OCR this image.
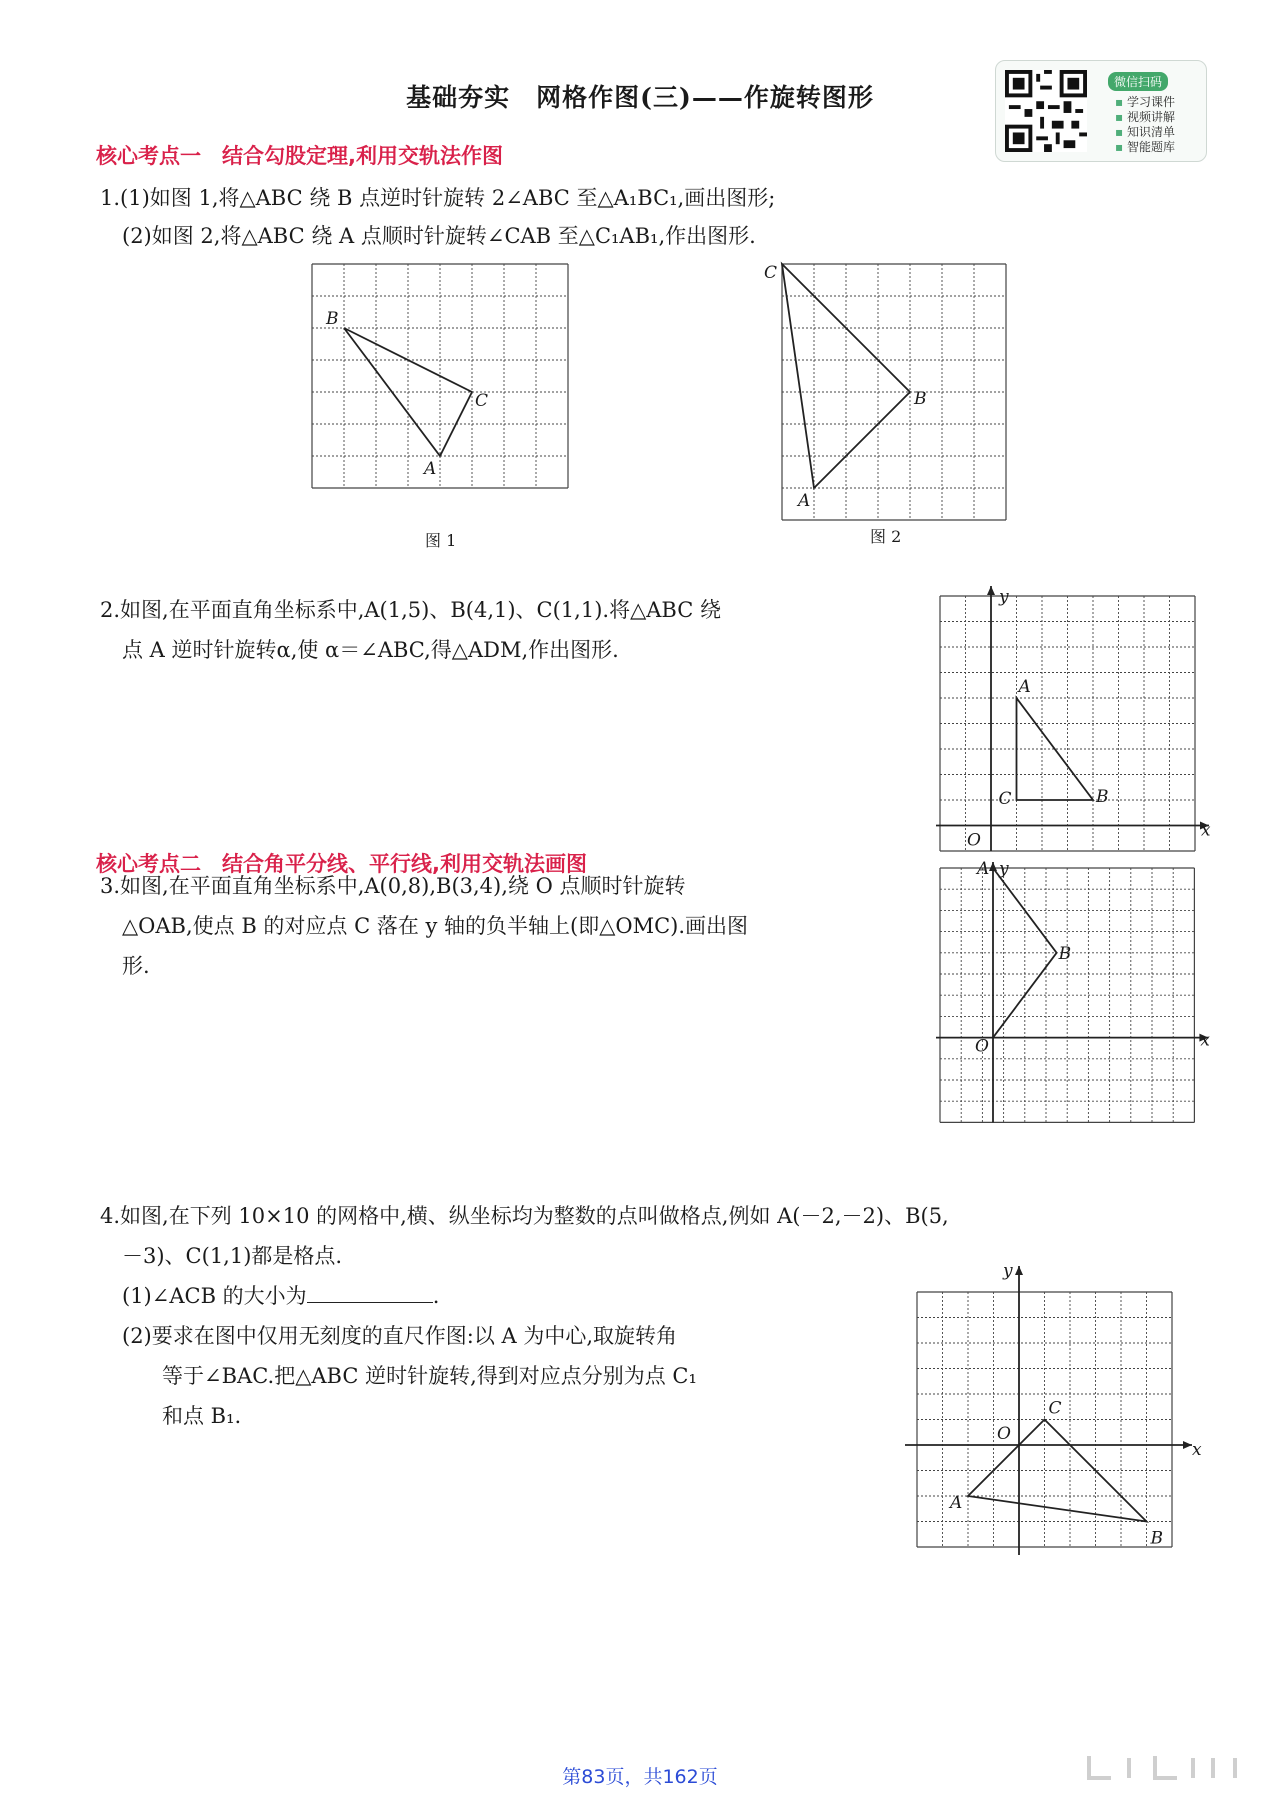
基础夯实　网格作图(三)——作旋转图形
微信扫码
▪ 学习课件
▪ 视频讲解
▪ 知识清单
▪ 智能题库
核心考点一　结合勾股定理,利用交轨法作图
1.(1)如图 1,将△ABC 绕 B 点逆时针旋转 2∠ABC 至△A₁BC₁,画出图形;
(2)如图 2,将△ABC 绕 A 点顺时针旋转∠CAB 至△C₁AB₁,作出图形.
B
C
A
图 1
C
B
A
图 2
2.如图,在平面直角坐标系中,A(1,5)、B(4,1)、C(1,1).将△ABC 绕
点 A 逆时针旋转α,使 α＝∠ABC,得△ADM,作出图形.
A
B
C
O	x
y
核心考点二　结合角平分线、平行线,利用交轨法画图
3.如图,在平面直角坐标系中,A(0,8),B(3,4),绕 O 点顺时针旋转
△OAB,使点 B 的对应点 C 落在 y 轴的负半轴上(即△OMC).画出图
形.
A
B
O	x
y
4.如图,在下列 10×10 的网格中,横、纵坐标均为整数的点叫做格点,例如 A(－2,－2)、B(5,
－3)、C(1,1)都是格点.
(1)∠ACB 的大小为	.
(2)要求在图中仅用无刻度的直尺作图:以 A 为中心,取旋转角
等于∠BAC.把△ABC 逆时针旋转,得到对应点分别为点 C₁
和点 B₁.
A
B
C
O
x
y
第83页，共162页
